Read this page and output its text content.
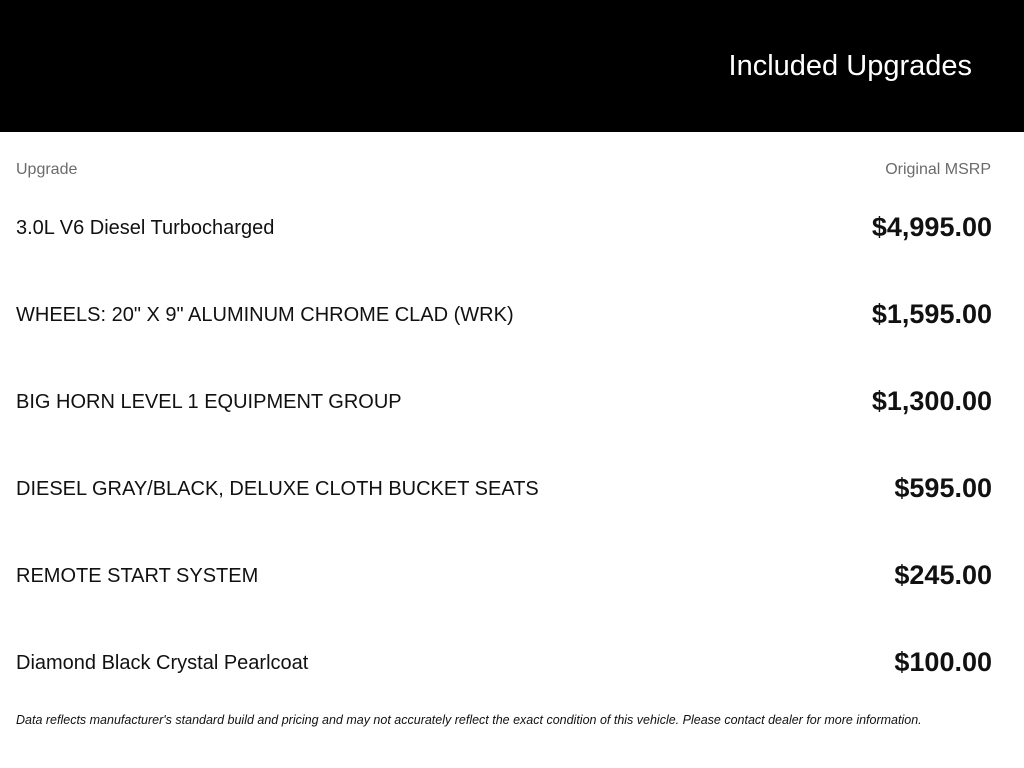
Included Upgrades
Upgrade	Original MSRP
3.0L V6 Diesel Turbocharged	$4,995.00
WHEELS: 20" X 9" ALUMINUM CHROME CLAD (WRK)	$1,595.00
BIG HORN LEVEL 1 EQUIPMENT GROUP	$1,300.00
DIESEL GRAY/BLACK, DELUXE CLOTH BUCKET SEATS	$595.00
REMOTE START SYSTEM	$245.00
Diamond Black Crystal Pearlcoat	$100.00
Data reflects manufacturer's standard build and pricing and may not accurately reflect the exact condition of this vehicle. Please contact dealer for more information.
